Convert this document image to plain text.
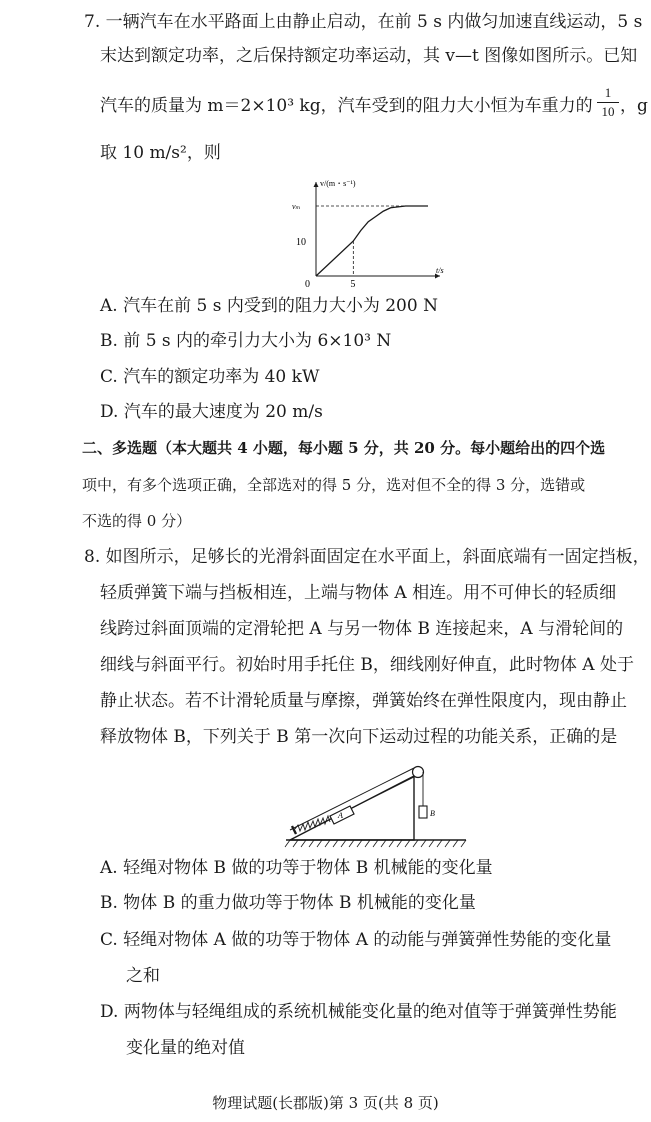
7. 一辆汽车在水平路面上由静止启动，在前 5 s 内做匀加速直线运动，5 s
末达到额定功率，之后保持额定功率运动，其 v—t 图像如图所示。已知
汽车的质量为 m＝2×10³ kg，汽车受到的阻力大小恒为车重力的
1
10 ，g
取 10 m/s²，则
v/(m・s⁻¹)
t/s
vₘ
10
0	5
A. 汽车在前 5 s 内受到的阻力大小为 200 N
B. 前 5 s 内的牵引力大小为 6×10³ N
C. 汽车的额定功率为 40 kW
D. 汽车的最大速度为 20 m/s
二、多选题（本大题共 4 小题，每小题 5 分，共 20 分。每小题给出的四个选
项中，有多个选项正确，全部选对的得 5 分，选对但不全的得 3 分，选错或
不选的得 0 分）
8. 如图所示，足够长的光滑斜面固定在水平面上，斜面底端有一固定挡板，
轻质弹簧下端与挡板相连，上端与物体 A 相连。用不可伸长的轻质细
线跨过斜面顶端的定滑轮把 A 与另一物体 B 连接起来，A 与滑轮间的
细线与斜面平行。初始时用手托住 B，细线刚好伸直，此时物体 A 处于
静止状态。若不计滑轮质量与摩擦，弹簧始终在弹性限度内，现由静止
释放物体 B，下列关于 B 第一次向下运动过程的功能关系，正确的是
A	B
A. 轻绳对物体 B 做的功等于物体 B 机械能的变化量
B. 物体 B 的重力做功等于物体 B 机械能的变化量
C. 轻绳对物体 A 做的功等于物体 A 的动能与弹簧弹性势能的变化量
之和
D. 两物体与轻绳组成的系统机械能变化量的绝对值等于弹簧弹性势能
变化量的绝对值
物理试题(长郡版)第 3 页(共 8 页)
